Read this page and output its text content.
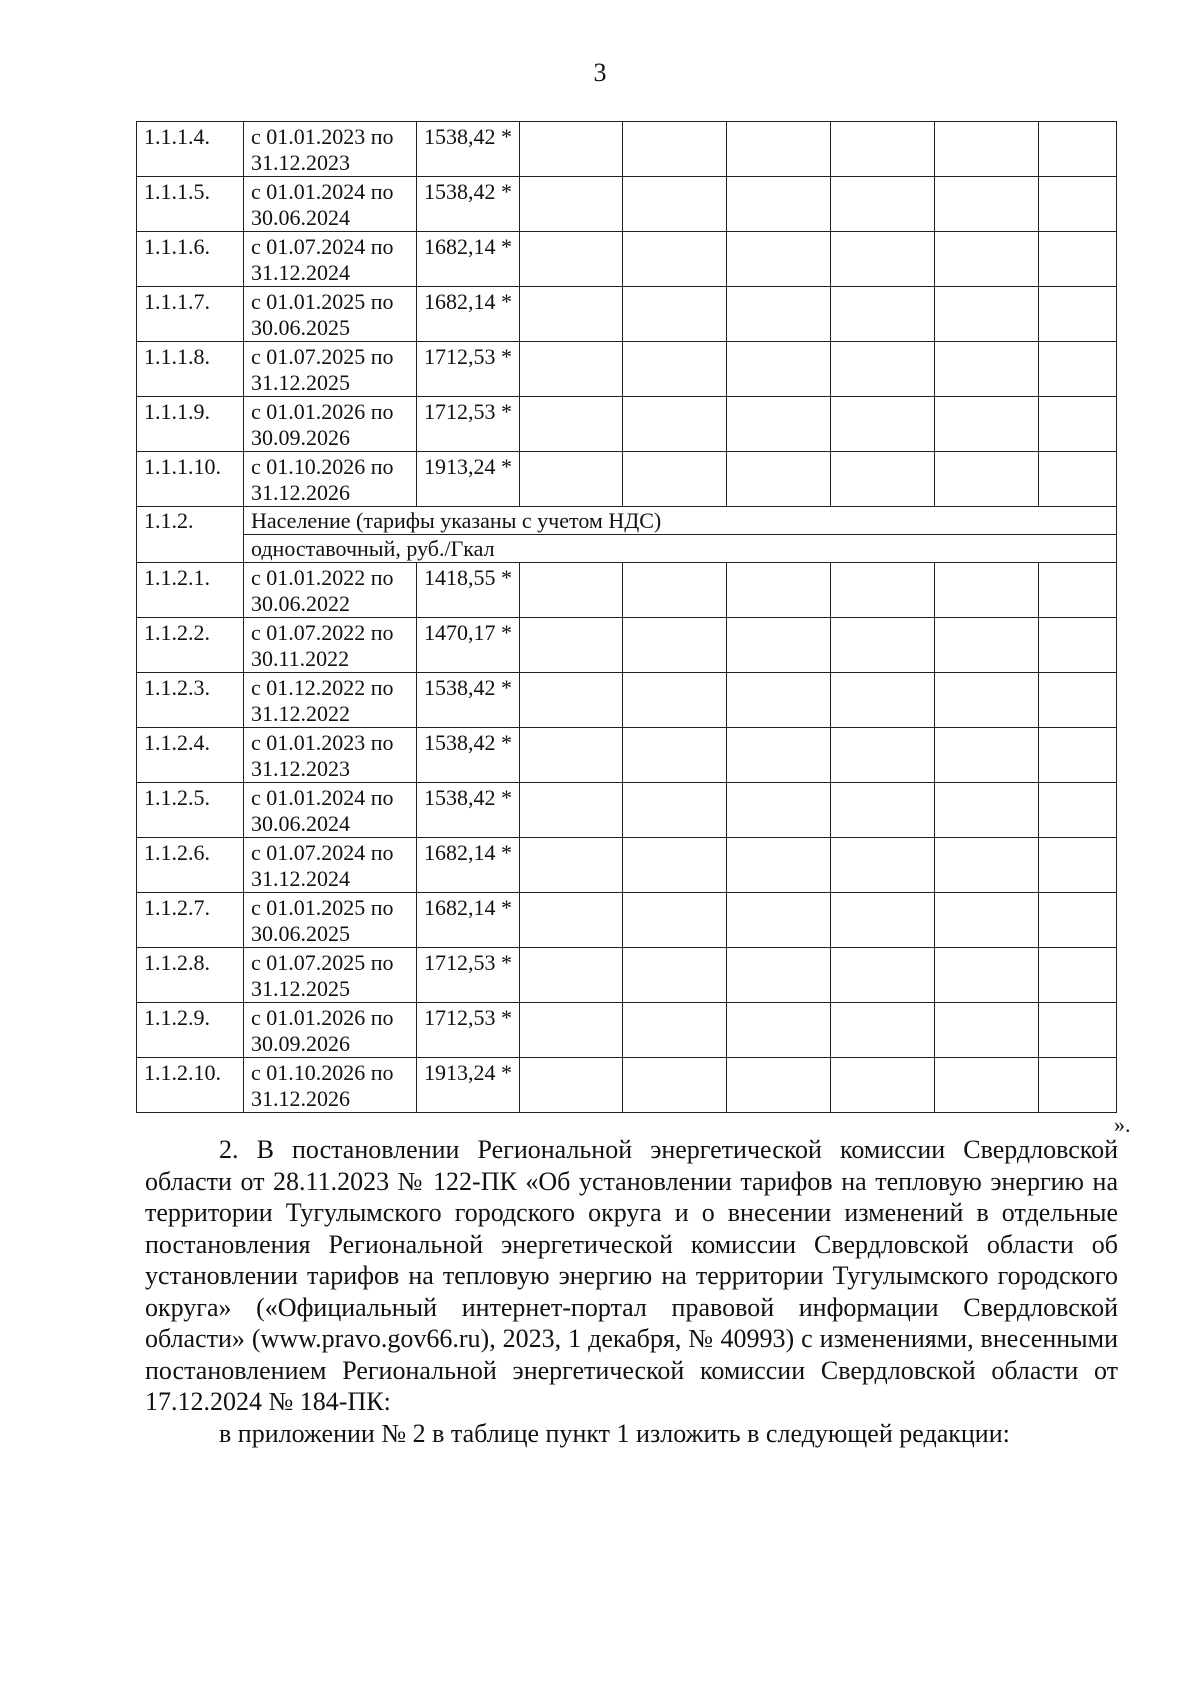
3
1.1.1.4.	с 01.01.2023 по 31.12.2023	1538,42 *						
1.1.1.5.	с 01.01.2024 по 30.06.2024	1538,42 *						
1.1.1.6.	с 01.07.2024 по 31.12.2024	1682,14 *						
1.1.1.7.	с 01.01.2025 по 30.06.2025	1682,14 *						
1.1.1.8.	с 01.07.2025 по 31.12.2025	1712,53 *						
1.1.1.9.	с 01.01.2026 по 30.09.2026	1712,53 *						
1.1.1.10.	с 01.10.2026 по 31.12.2026	1913,24 *						
1.1.2.	Население (тарифы указаны с учетом НДС)							
	одноставочный, руб./Гкал							
1.1.2.1.	с 01.01.2022 по 30.06.2022	1418,55 *						
1.1.2.2.	с 01.07.2022 по 30.11.2022	1470,17 *						
1.1.2.3.	с 01.12.2022 по 31.12.2022	1538,42 *						
1.1.2.4.	с 01.01.2023 по 31.12.2023	1538,42 *						
1.1.2.5.	с 01.01.2024 по 30.06.2024	1538,42 *						
1.1.2.6.	с 01.07.2024 по 31.12.2024	1682,14 *						
1.1.2.7.	с 01.01.2025 по 30.06.2025	1682,14 *						
1.1.2.8.	с 01.07.2025 по 31.12.2025	1712,53 *						
1.1.2.9.	с 01.01.2026 по 30.09.2026	1712,53 *						
1.1.2.10.	с 01.10.2026 по 31.12.2026	1913,24 *						
».

2. В постановлении Региональной энергетической комиссии Свердловской области от 28.11.2023 № 122-ПК «Об установлении тарифов на тепловую энергию на территории Тугулымского городского округа и о внесении изменений в отдельные постановления Региональной энергетической комиссии Свердловской области об установлении тарифов на тепловую энергию на территории Тугулымского городского округа» («Официальный интернет-портал правовой информации Свердловской области» (www.pravo.gov66.ru), 2023, 1 декабря, № 40993) с изменениями, внесенными постановлением Региональной энергетической комиссии Свердловской области от 17.12.2024 № 184-ПК:

в приложении № 2 в таблице пункт 1 изложить в следующей редакции:
